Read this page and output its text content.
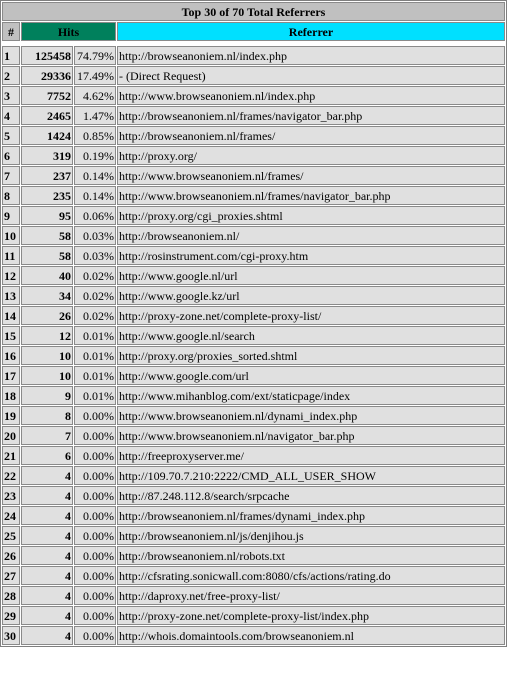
Top 30 of 70 Total Referrers			
#	Hits		Referrer

1	125458	74.79%	http://browseanoniem.nl/index.php
2	29336	17.49%	- (Direct Request)
3	7752	4.62%	http://www.browseanoniem.nl/index.php
4	2465	1.47%	http://browseanoniem.nl/frames/navigator_bar.php
5	1424	0.85%	http://browseanoniem.nl/frames/
6	319	0.19%	http://proxy.org/
7	237	0.14%	http://www.browseanoniem.nl/frames/
8	235	0.14%	http://www.browseanoniem.nl/frames/navigator_bar.php
9	95	0.06%	http://proxy.org/cgi_proxies.shtml
10	58	0.03%	http://browseanoniem.nl/
11	58	0.03%	http://rosinstrument.com/cgi-proxy.htm
12	40	0.02%	http://www.google.nl/url
13	34	0.02%	http://www.google.kz/url
14	26	0.02%	http://proxy-zone.net/complete-proxy-list/
15	12	0.01%	http://www.google.nl/search
16	10	0.01%	http://proxy.org/proxies_sorted.shtml
17	10	0.01%	http://www.google.com/url
18	9	0.01%	http://www.mihanblog.com/ext/staticpage/index
19	8	0.00%	http://www.browseanoniem.nl/dynami_index.php
20	7	0.00%	http://www.browseanoniem.nl/navigator_bar.php
21	6	0.00%	http://freeproxyserver.me/
22	4	0.00%	http://109.70.7.210:2222/CMD_ALL_USER_SHOW
23	4	0.00%	http://87.248.112.8/search/srpcache
24	4	0.00%	http://browseanoniem.nl/frames/dynami_index.php
25	4	0.00%	http://browseanoniem.nl/js/denjihou.js
26	4	0.00%	http://browseanoniem.nl/robots.txt
27	4	0.00%	http://cfsrating.sonicwall.com:8080/cfs/actions/rating.do
28	4	0.00%	http://daproxy.net/free-proxy-list/
29	4	0.00%	http://proxy-zone.net/complete-proxy-list/index.php
30	4	0.00%	http://whois.domaintools.com/browseanoniem.nl
